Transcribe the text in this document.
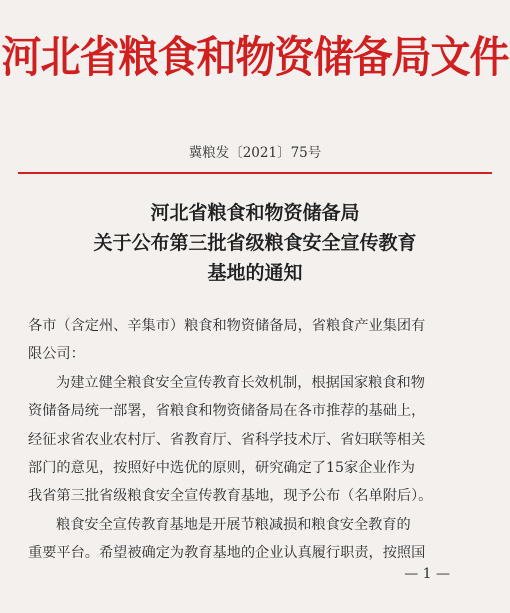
河北省粮食和物资储备局文件
冀粮发〔2021〕75号
河北省粮食和物资储备局
关于公布第三批省级粮食安全宣传教育
基地的通知
各市（含定州、辛集市）粮食和物资储备局，省粮食产业集团有
限公司：
为建立健全粮食安全宣传教育长效机制，根据国家粮食和物
资储备局统一部署，省粮食和物资储备局在各市推荐的基础上，
经征求省农业农村厅、省教育厅、省科学技术厅、省妇联等相关
部门的意见，按照好中选优的原则，研究确定了15家企业作为
我省第三批省级粮食安全宣传教育基地，现予公布（名单附后）。
粮食安全宣传教育基地是开展节粮减损和粮食安全教育的
重要平台。希望被确定为教育基地的企业认真履行职责，按照国
— 1 —
